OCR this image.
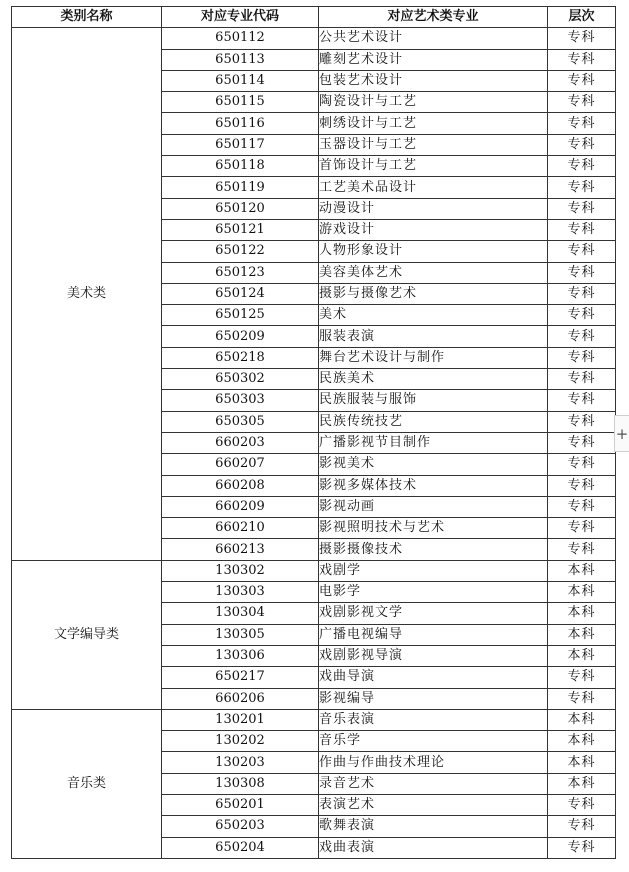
类别名称	对应专业代码	对应艺术类专业	层次
美术类	650112	公共艺术设计	专科
	650113	雕刻艺术设计	专科
	650114	包装艺术设计	专科
	650115	陶瓷设计与工艺	专科
	650116	刺绣设计与工艺	专科
	650117	玉器设计与工艺	专科
	650118	首饰设计与工艺	专科
	650119	工艺美术品设计	专科
	650120	动漫设计	专科
	650121	游戏设计	专科
	650122	人物形象设计	专科
	650123	美容美体艺术	专科
	650124	摄影与摄像艺术	专科
	650125	美术	专科
	650209	服装表演	专科
	650218	舞台艺术设计与制作	专科
	650302	民族美术	专科
	650303	民族服装与服饰	专科
	650305	民族传统技艺	专科
	660203	广播影视节目制作	专科
	660207	影视美术	专科
	660208	影视多媒体技术	专科
	660209	影视动画	专科
	660210	影视照明技术与艺术	专科
	660213	摄影摄像技术	专科
文学编导类	130302	戏剧学	本科
	130303	电影学	本科
	130304	戏剧影视文学	本科
	130305	广播电视编导	本科
	130306	戏剧影视导演	本科
	650217	戏曲导演	专科
	660206	影视编导	专科
音乐类	130201	音乐表演	本科
	130202	音乐学	本科
	130203	作曲与作曲技术理论	本科
	130308	录音艺术	本科
	650201	表演艺术	专科
	650203	歌舞表演	专科
	650204	戏曲表演	专科
+
